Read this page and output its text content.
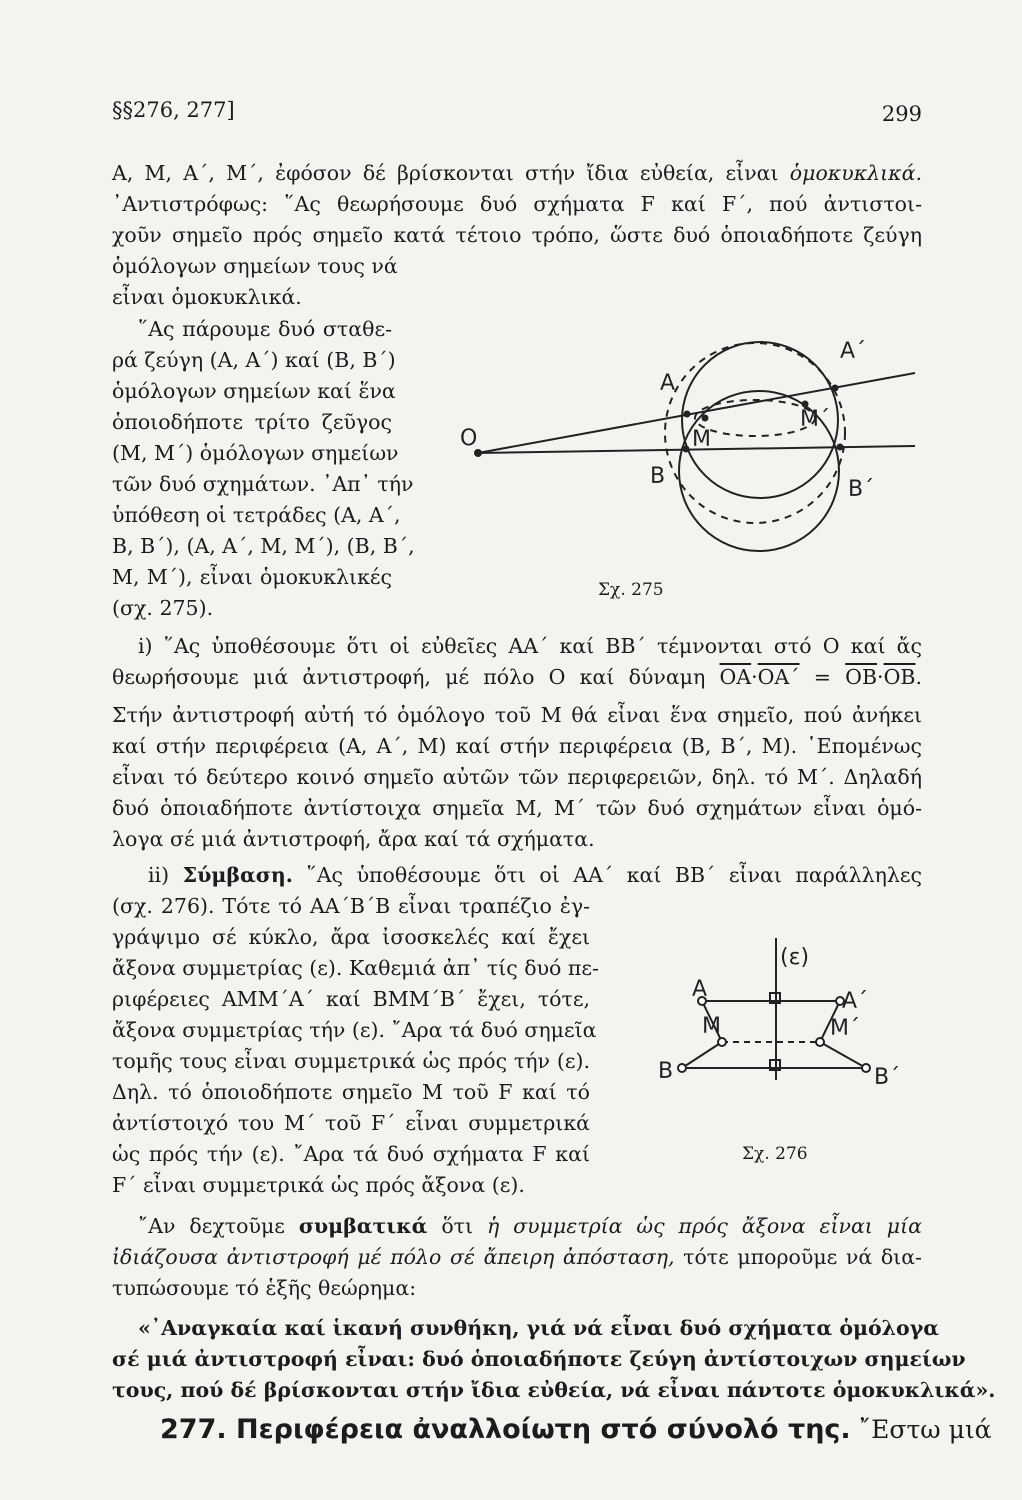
§§276, 277]	299
Α, Μ, Α΄, Μ΄, ἐφόσον δέ βρίσκονται στήν ἴδια εὐθεία, εἶναι ὁμοκυκλικά.
᾿Αντιστρόφως: ῞Ας θεωρήσουμε δυό σχήματα F καί F΄, πού ἀντιστοι-
χοῦν σημεῖο πρός σημεῖο κατά τέτοιο τρόπο, ὥστε δυό ὁποιαδήποτε ζεύγη
ὁμόλογων σημείων τους νά
εἶναι ὁμοκυκλικά.
῞Ας πάρουμε δυό σταθε-
ρά ζεύγη (Α, Α΄) καί (Β, Β΄)
ὁμόλογων σημείων καί ἕνα
ὁποιοδήποτε τρίτο ζεῦγος
(Μ, Μ΄) ὁμόλογων σημείων
τῶν δυό σχημάτων. ᾿Απ᾿ τήν
ὑπόθεση οἱ τετράδες (Α, Α΄,
Β, Β΄), (Α, Α΄, Μ, Μ΄), (Β, Β΄,
Μ, Μ΄), εἶναι ὁμοκυκλικές
(σχ. 275).
Ο
Α
Α΄
Μ
Μ΄
Β
Β΄
Σχ. 275
i) ῞Ας ὑποθέσουμε ὅτι οἱ εὐθεῖες ΑΑ΄ καί ΒΒ΄ τέμνονται στό Ο καί ἄς
θεωρήσουμε μιά ἀντιστροφή, μέ πόλο Ο καί δύναμη $\overline{OA}\cdot\overline{OA΄} = \overline{OB}\cdot\overline{OB}$.
Στήν ἀντιστροφή αὐτή τό ὁμόλογο τοῦ Μ θά εἶναι ἕνα σημεῖο, πού ἀνήκει
καί στήν περιφέρεια (Α, Α΄, Μ) καί στήν περιφέρεια (Β, Β΄, Μ). ῾Επομένως
εἶναι τό δεύτερο κοινό σημεῖο αὐτῶν τῶν περιφερειῶν, δηλ. τό Μ΄. Δηλαδή
δυό ὁποιαδήποτε ἀντίστοιχα σημεῖα Μ, Μ΄ τῶν δυό σχημάτων εἶναι ὁμό-
λογα σέ μιά ἀντιστροφή, ἄρα καί τά σχήματα.
ii) Σύμβαση. ῞Ας ὑποθέσουμε ὅτι οἱ ΑΑ΄ καί ΒΒ΄ εἶναι παράλληλες
(σχ. 276). Τότε τό ΑΑ΄Β΄Β εἶναι τραπέζιο ἐγ-
γράψιμο σέ κύκλο, ἄρα ἰσοσκελές καί ἔχει
ἄξονα συμμετρίας (ε). Καθεμιά ἀπ᾿ τίς δυό πε-
ριφέρειες ΑΜΜ΄Α΄ καί ΒΜΜ΄Β΄ ἔχει, τότε,
ἄξονα συμμετρίας τήν (ε). ῎Αρα τά δυό σημεῖα
τομῆς τους εἶναι συμμετρικά ὡς πρός τήν (ε).
Δηλ. τό ὁποιοδήποτε σημεῖο Μ τοῦ F καί τό
ἀντίστοιχό του Μ΄ τοῦ F΄ εἶναι συμμετρικά
ὡς πρός τήν (ε). ῎Αρα τά δυό σχήματα F καί
F΄ εἶναι συμμετρικά ὡς πρός ἄξονα (ε).
(ε)
Α	Α΄
Μ	Μ΄
Β	Β΄
Σχ. 276
῎Αν δεχτοῦμε συμβατικά ὅτι ἡ συμμετρία ὡς πρός ἄξονα εἶναι μία
ἰδιάζουσα ἀντιστροφή μέ πόλο σέ ἄπειρη ἀπόσταση, τότε μποροῦμε νά δια-
τυπώσουμε τό ἑξῆς θεώρημα:
«᾿Αναγκαία καί ἱκανή συνθήκη, γιά νά εἶναι δυό σχήματα ὁμόλογα
σέ μιά ἀντιστροφή εἶναι: δυό ὁποιαδήποτε ζεύγη ἀντίστοιχων σημείων
τους, πού δέ βρίσκονται στήν ἴδια εὐθεία, νά εἶναι πάντοτε ὁμοκυκλικά».
277. Περιφέρεια ἀναλλοίωτη στό σύνολό της. ῎Εστω μιά
